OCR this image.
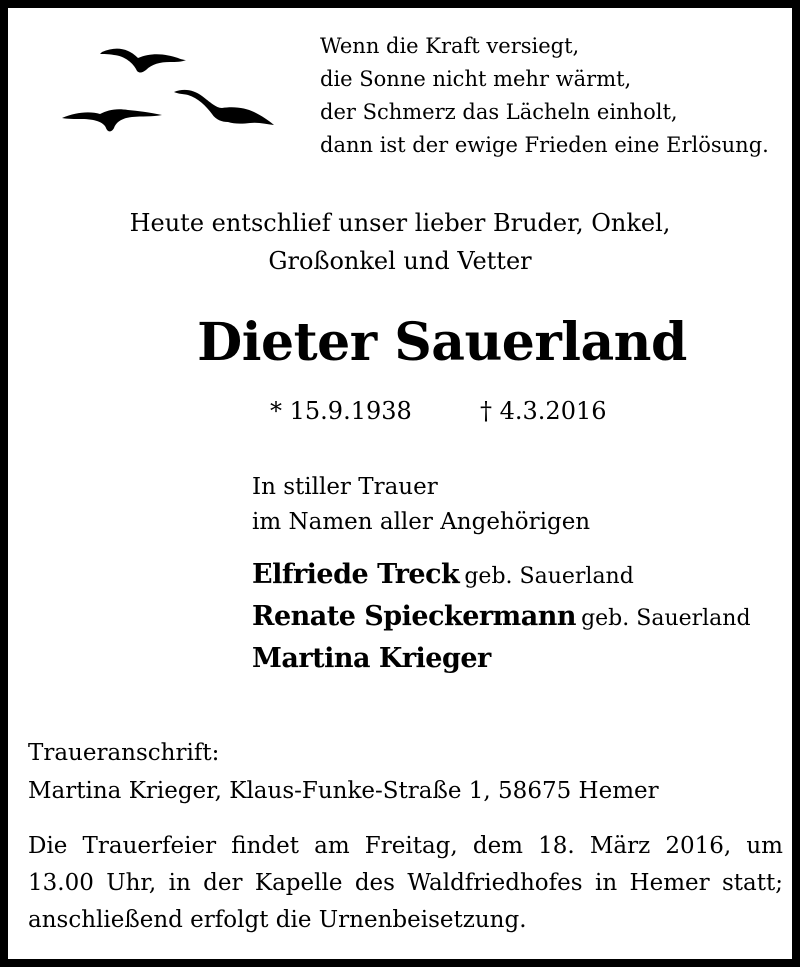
Wenn die Kraft versiegt,
die Sonne nicht mehr wärmt,
der Schmerz das Lächeln einholt,
dann ist der ewige Frieden eine Erlösung.
Heute entschlief unser lieber Bruder, Onkel,
Großonkel und Vetter
Dieter Sauerland
* 15.9.1938	† 4.3.2016
In stiller Trauer
im Namen aller Angehörigen
Elfriede Treck geb. Sauerland
Renate Spieckermann geb. Sauerland
Martina Krieger
Traueranschrift:
Martina Krieger, Klaus-Funke-Straße 1, 58675 Hemer
Die Trauerfeier findet am Freitag, dem 18. März 2016, um 13.00 Uhr, in der Kapelle des Waldfriedhofes in Hemer statt; anschließend erfolgt die Urnenbeisetzung.
